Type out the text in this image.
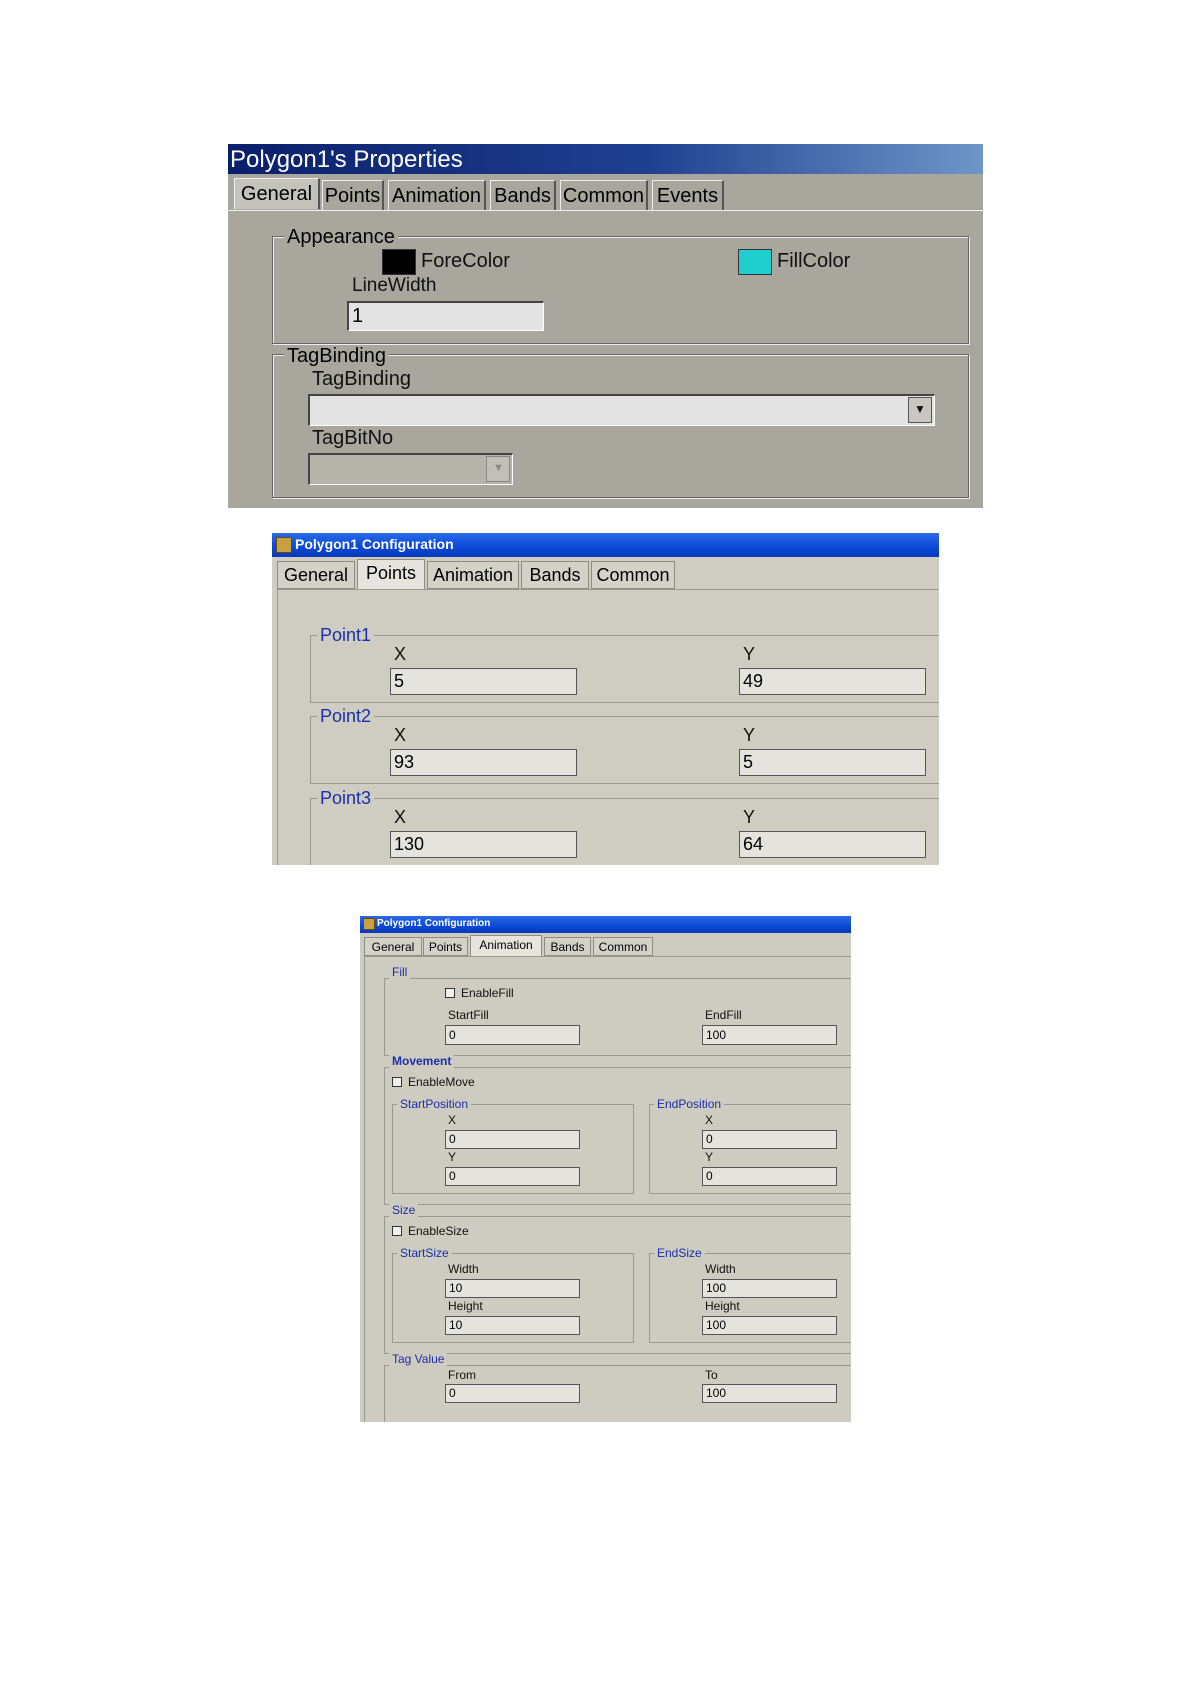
Polygon1's Properties
General Points Animation Bands Common Events
Appearance
ForeColor	FillColor
LineWidth
1
TagBinding
TagBinding
▼
TagBitNo
▼
Polygon1 Configuration
General Points Animation Bands Common
Point1
X
5
Y
49
Point2
X
93
Y
5
Point3
X
130
Y
64
Polygon1 Configuration
General	Points	Animation	Bands	Common
Fill
EnableFill
StartFill
0
EndFill
100
Movement
EnableMove
StartPosition
X
0
Y
0
EndPosition
X
0
Y
0
Size
EnableSize
StartSize
Width
10
Height
10
EndSize
Width
100
Height
100
Tag Value
From
0
To
100
